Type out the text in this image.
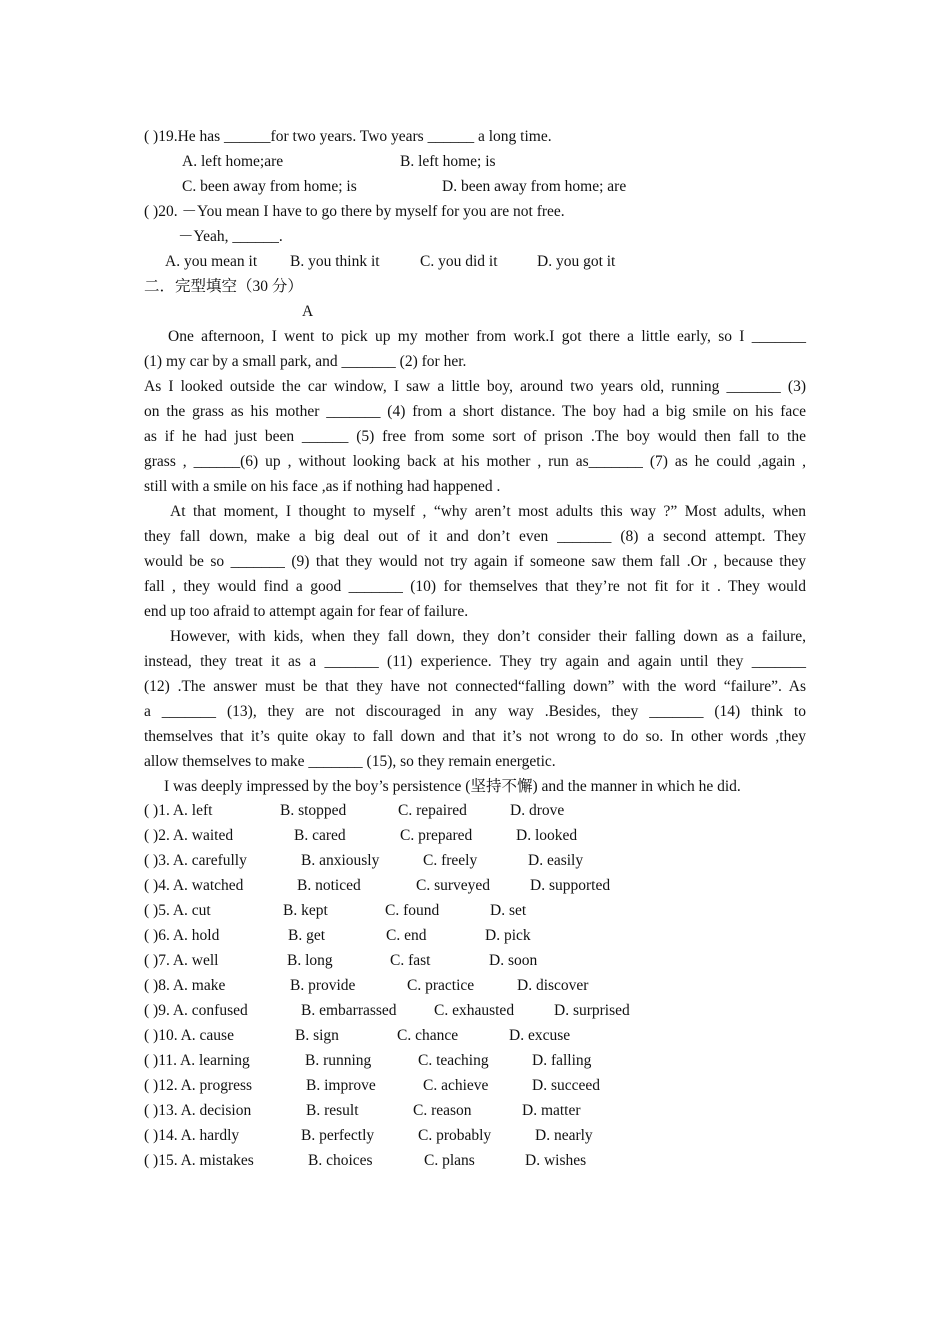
( )19.He has ______for two years. Two years ______ a long time.

A. left home;are	B. left home; is
C. been away from home; is	D. been away from home; are

( )20. －You mean I have to go there by myself for you are not free.

－Yeah, ______.

A. you mean it B. you think it	C. you did it	D. you got it

二．完型填空（30 分）

A

One afternoon, I went to pick up my mother from work.I got there a little early, so I _______

(1) my car by a small park, and _______ (2) for her.

As I looked outside the car window, I saw a little boy, around two years old, running _______ (3)

on the grass as his mother _______ (4) from a short distance. The boy had a big smile on his face

as if he had just been ______ (5) free from some sort of prison .The boy would then fall to the

grass , ______(6) up , without looking back at his mother , run as_______ (7) as he could ,again ,

still with a smile on his face ,as if nothing had happened .

At that moment, I thought to myself , “why aren’t most adults this way ?” Most adults, when

they fall down, make a big deal out of it and don’t even _______ (8) a second attempt. They

would be so _______ (9) that they would not try again if someone saw them fall .Or , because they

fall , they would find a good _______ (10) for themselves that they’re not fit for it . They would

end up too afraid to attempt again for fear of failure.

However, with kids, when they fall down, they don’t consider their falling down as a failure,

instead, they treat it as a _______ (11) experience. They try again and again until they _______

(12) .The answer must be that they have not connected“falling down” with the word “failure”. As

a _______ (13), they are not discouraged in any way .Besides, they _______ (14) think to

themselves that it’s quite okay to fall down and that it’s not wrong to do so. In other words ,they

allow themselves to make _______ (15), so they remain energetic.

I was deeply impressed by the boy’s persistence (坚持不懈) and the manner in which he did.

( )1. A. left	B. stopped	C. repaired	D. drove
( )2. A. waited	B. cared	C. prepared	D. looked
( )3. A. carefully	B. anxiously	C. freely	D. easily
( )4. A. watched	B. noticed	C. surveyed	D. supported
( )5. A. cut	B. kept	C. found	D. set
( )6. A. hold	B. get	C. end	D. pick
( )7. A. well	B. long	C. fast	D. soon
( )8. A. make	B. provide	C. practice	D. discover
( )9. A. confused	B. embarrassed C. exhausted	D. surprised
( )10. A. cause	B. sign	C. chance	D. excuse
( )11. A. learning	B. running	C. teaching	D. falling
( )12. A. progress	B. improve	C. achieve	D. succeed
( )13. A. decision	B. result	C. reason	D. matter
( )14. A. hardly	B. perfectly	C. probably	D. nearly
( )15. A. mistakes	B. choices	C. plans	D. wishes
